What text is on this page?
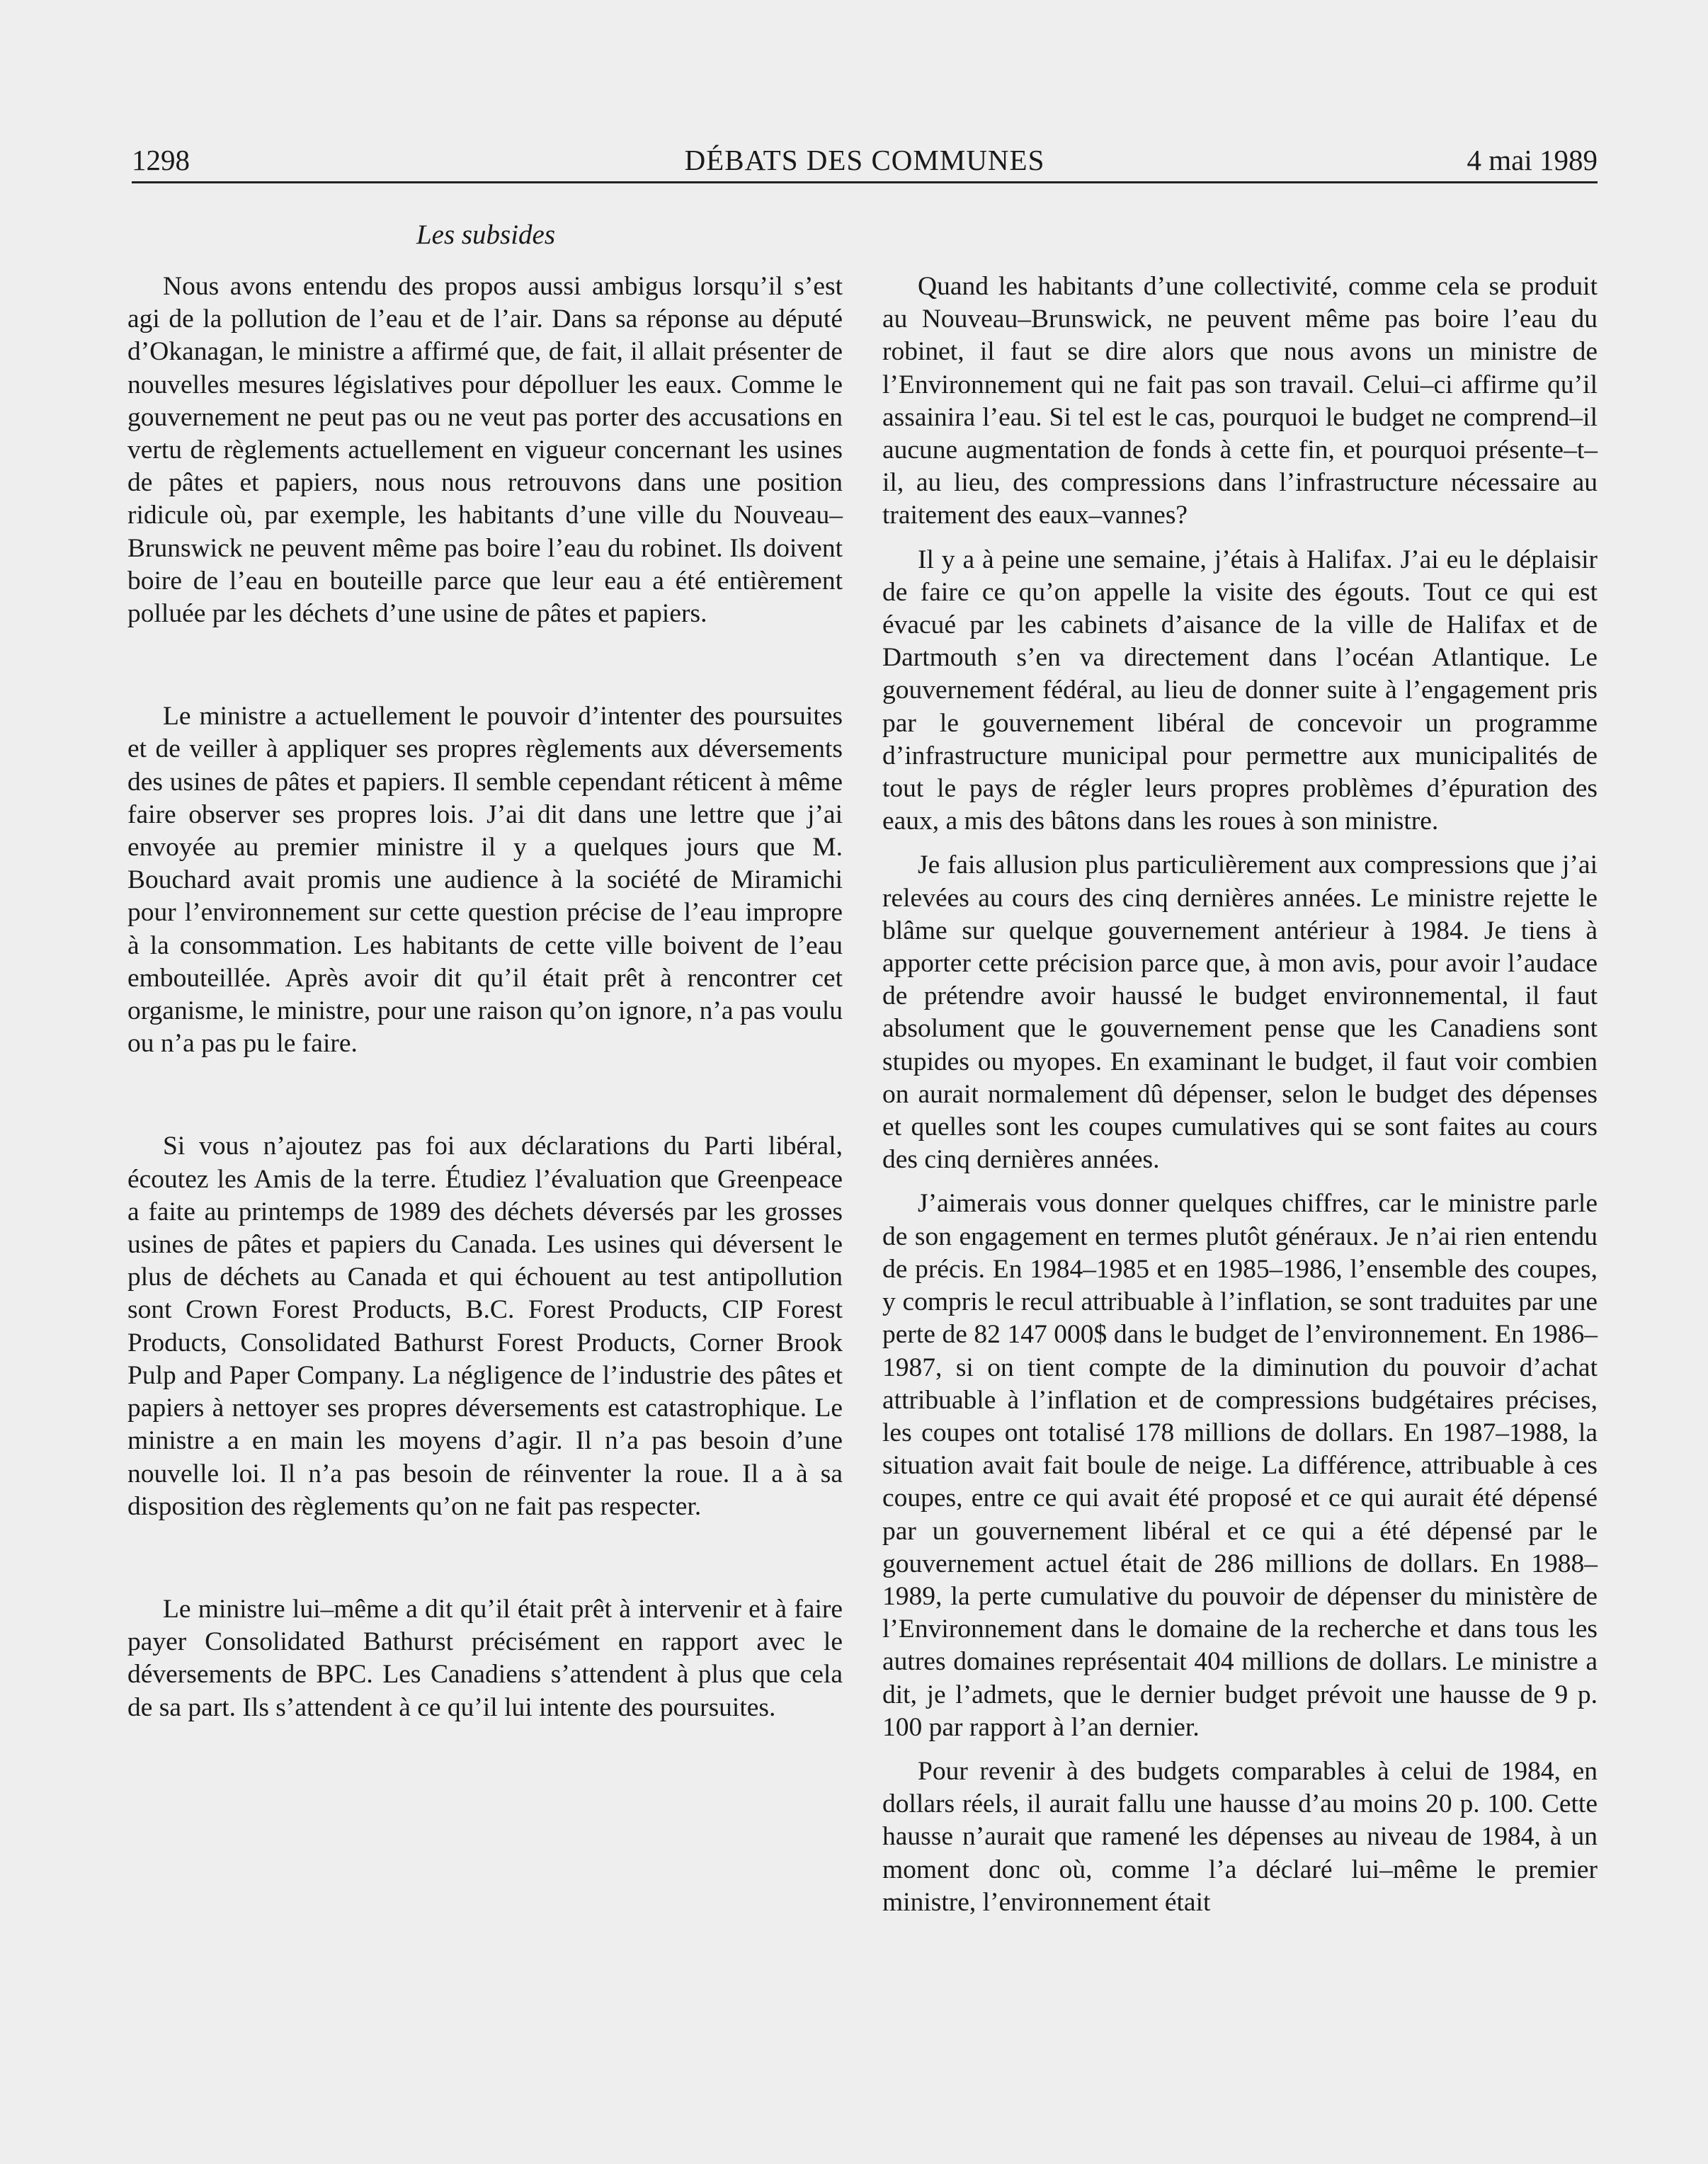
1298	DÉBATS DES COMMUNES	4 mai 1989
Les subsides

Nous avons entendu des propos aussi ambigus lorsqu’il s’est agi de la pollution de l’eau et de l’air. Dans sa réponse au député d’Okanagan, le ministre a affirmé que, de fait, il allait présenter de nouvelles mesures législatives pour dépolluer les eaux. Comme le gouvernement ne peut pas ou ne veut pas porter des accusations en vertu de règlements actuellement en vigueur concernant les usines de pâtes et papiers, nous nous retrouvons dans une position ridicule où, par exemple, les habitants d’une ville du Nouveau–Brunswick ne peuvent même pas boire l’eau du robinet. Ils doivent boire de l’eau en bouteille parce que leur eau a été entièrement polluée par les déchets d’une usine de pâtes et papiers.

Le ministre a actuellement le pouvoir d’intenter des poursuites et de veiller à appliquer ses propres règlements aux déversements des usines de pâtes et papiers. Il semble cependant réticent à même faire observer ses propres lois. J’ai dit dans une lettre que j’ai envoyée au premier ministre il y a quelques jours que M. Bouchard avait promis une audience à la société de Miramichi pour l’environnement sur cette question précise de l’eau impropre à la consommation. Les habitants de cette ville boivent de l’eau embouteillée. Après avoir dit qu’il était prêt à rencontrer cet organisme, le ministre, pour une raison qu’on ignore, n’a pas voulu ou n’a pas pu le faire.

Si vous n’ajoutez pas foi aux déclarations du Parti libéral, écoutez les Amis de la terre. Étudiez l’évaluation que Greenpeace a faite au printemps de 1989 des déchets déversés par les grosses usines de pâtes et papiers du Canada. Les usines qui déversent le plus de déchets au Canada et qui échouent au test antipollution sont Crown Forest Products, B.C. Forest Products, CIP Forest Products, Consolidated Bathurst Forest Products, Corner Brook Pulp and Paper Company. La négligence de l’industrie des pâtes et papiers à nettoyer ses propres déversements est catastrophique. Le ministre a en main les moyens d’agir. Il n’a pas besoin d’une nouvelle loi. Il n’a pas besoin de réinventer la roue. Il a à sa disposition des règlements qu’on ne fait pas respecter.

Le ministre lui–même a dit qu’il était prêt à intervenir et à faire payer Consolidated Bathurst précisément en rapport avec le déversements de BPC. Les Canadiens s’attendent à plus que cela de sa part. Ils s’attendent à ce qu’il lui intente des poursuites.

Quand les habitants d’une collectivité, comme cela se produit au Nouveau–Brunswick, ne peuvent même pas boire l’eau du robinet, il faut se dire alors que nous avons un ministre de l’Environnement qui ne fait pas son travail. Celui–ci affirme qu’il assainira l’eau. Si tel est le cas, pourquoi le budget ne comprend–il aucune augmentation de fonds à cette fin, et pourquoi présente–t–il, au lieu, des compressions dans l’infrastructure nécessaire au traitement des eaux–vannes?

Il y a à peine une semaine, j’étais à Halifax. J’ai eu le déplaisir de faire ce qu’on appelle la visite des égouts. Tout ce qui est évacué par les cabinets d’aisance de la ville de Halifax et de Dartmouth s’en va directement dans l’océan Atlantique. Le gouvernement fédéral, au lieu de donner suite à l’engagement pris par le gouvernement libéral de concevoir un programme d’infrastructure municipal pour permettre aux municipalités de tout le pays de régler leurs propres problèmes d’épuration des eaux, a mis des bâtons dans les roues à son ministre.

Je fais allusion plus particulièrement aux compressions que j’ai relevées au cours des cinq dernières années. Le ministre rejette le blâme sur quelque gouvernement antérieur à 1984. Je tiens à apporter cette précision parce que, à mon avis, pour avoir l’audace de prétendre avoir haussé le budget environnemental, il faut absolument que le gouvernement pense que les Canadiens sont stupides ou myopes. En examinant le budget, il faut voir combien on aurait normalement dû dépenser, selon le budget des dépenses et quelles sont les coupes cumulatives qui se sont faites au cours des cinq dernières années.

J’aimerais vous donner quelques chiffres, car le ministre parle de son engagement en termes plutôt généraux. Je n’ai rien entendu de précis. En 1984–1985 et en 1985–1986, l’ensemble des coupes, y compris le recul attribuable à l’inflation, se sont traduites par une perte de 82 147 000$ dans le budget de l’environnement. En 1986–1987, si on tient compte de la diminution du pouvoir d’achat attribuable à l’inflation et de compressions budgétaires précises, les coupes ont totalisé 178 millions de dollars. En 1987–1988, la situation avait fait boule de neige. La différence, attribuable à ces coupes, entre ce qui avait été proposé et ce qui aurait été dépensé par un gouvernement libéral et ce qui a été dépensé par le gouvernement actuel était de 286 millions de dollars. En 1988–1989, la perte cumulative du pouvoir de dépenser du ministère de l’Environnement dans le domaine de la recherche et dans tous les autres domaines représentait 404 millions de dollars. Le ministre a dit, je l’admets, que le dernier budget prévoit une hausse de 9 p. 100 par rapport à l’an dernier.

Pour revenir à des budgets comparables à celui de 1984, en dollars réels, il aurait fallu une hausse d’au moins 20 p. 100. Cette hausse n’aurait que ramené les dépenses au niveau de 1984, à un moment donc où, comme l’a déclaré lui–même le premier ministre, l’environnement était
